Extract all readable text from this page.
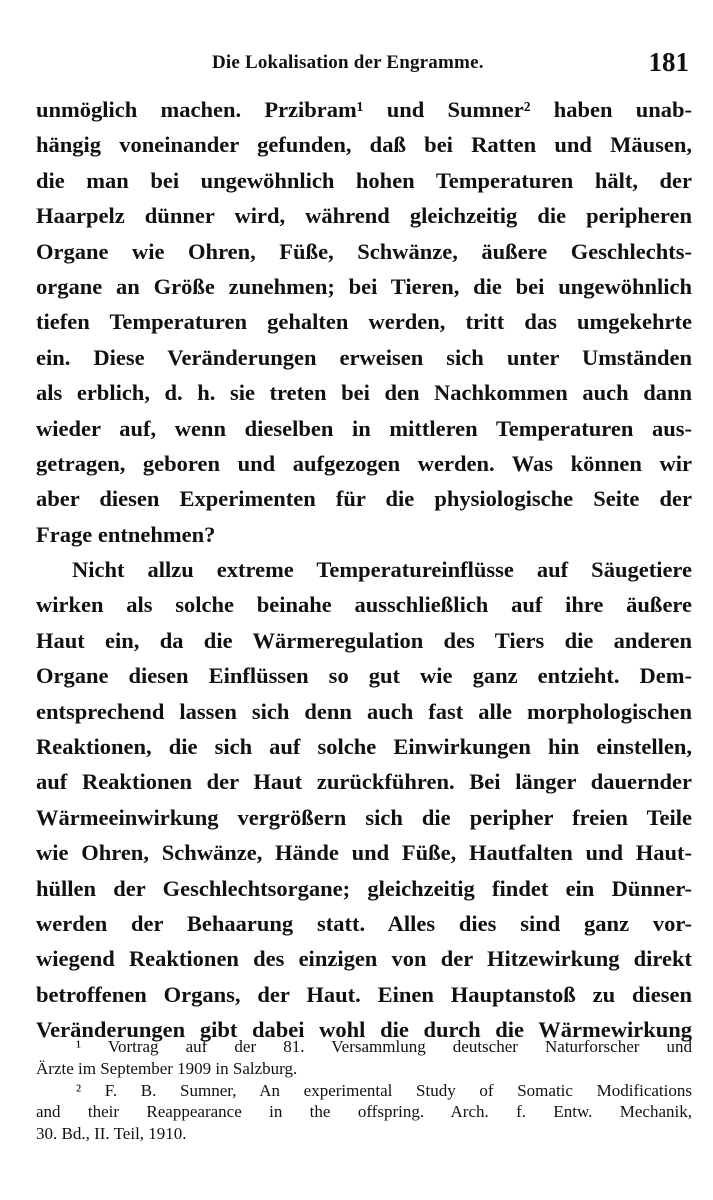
Die Lokalisation der Engramme.	181
unmöglich machen. Przibram¹ und Sumner² haben unab-
hängig voneinander gefunden, daß bei Ratten und Mäusen,
die man bei ungewöhnlich hohen Temperaturen hält, der
Haarpelz dünner wird, während gleichzeitig die peripheren
Organe wie Ohren, Füße, Schwänze, äußere Geschlechts-
organe an Größe zunehmen; bei Tieren, die bei ungewöhnlich
tiefen Temperaturen gehalten werden, tritt das umgekehrte
ein. Diese Veränderungen erweisen sich unter Umständen
als erblich, d. h. sie treten bei den Nachkommen auch dann
wieder auf, wenn dieselben in mittleren Temperaturen aus-
getragen, geboren und aufgezogen werden. Was können wir
aber diesen Experimenten für die physiologische Seite der
Frage entnehmen?
Nicht allzu extreme Temperatureinflüsse auf Säugetiere
wirken als solche beinahe ausschließlich auf ihre äußere
Haut ein, da die Wärmeregulation des Tiers die anderen
Organe diesen Einflüssen so gut wie ganz entzieht. Dem-
entsprechend lassen sich denn auch fast alle morphologischen
Reaktionen, die sich auf solche Einwirkungen hin einstellen,
auf Reaktionen der Haut zurückführen. Bei länger dauernder
Wärmeeinwirkung vergrößern sich die peripher freien Teile
wie Ohren, Schwänze, Hände und Füße, Hautfalten und Haut-
hüllen der Geschlechtsorgane; gleichzeitig findet ein Dünner-
werden der Behaarung statt. Alles dies sind ganz vor-
wiegend Reaktionen des einzigen von der Hitzewirkung direkt
betroffenen Organs, der Haut. Einen Hauptanstoß zu diesen
Veränderungen gibt dabei wohl die durch die Wärmewirkung
¹ Vortrag auf der 81. Versammlung deutscher Naturforscher und
Ärzte im September 1909 in Salzburg.
² F. B. Sumner, An experimental Study of Somatic Modifications
and their Reappearance in the offspring. Arch. f. Entw. Mechanik,
30. Bd., II. Teil, 1910.
